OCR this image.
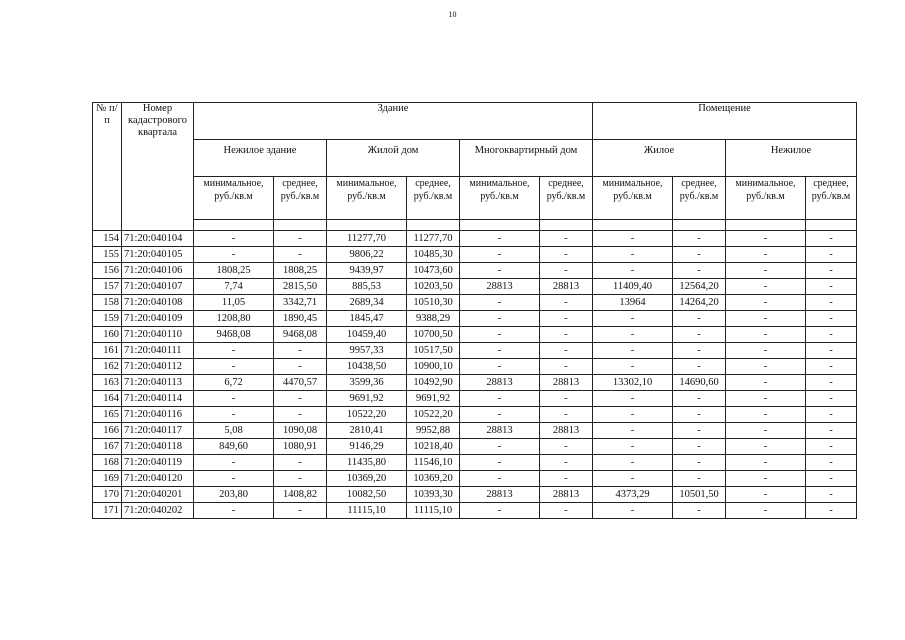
10
№ п/п	Номер кадастрового квартала	Здание						Помещение			
		Нежилое здание		Жилой дом		Многоквартирный дом		Жилое		Нежилое	
		минимальное, руб./кв.м	среднее, руб./кв.м	минимальное, руб./кв.м	среднее, руб./кв.м	минимальное, руб./кв.м	среднее, руб./кв.м	минимальное, руб./кв.м	среднее, руб./кв.м	минимальное, руб./кв.м	среднее, руб./кв.м

154	71:20:040104	-	-	11277,70	11277,70	-	-	-	-	-	-
155	71:20:040105	-	-	9806,22	10485,30	-	-	-	-	-	-
156	71:20:040106	1808,25	1808,25	9439,97	10473,60	-	-	-	-	-	-
157	71:20:040107	7,74	2815,50	885,53	10203,50	28813	28813	11409,40	12564,20	-	-
158	71:20:040108	11,05	3342,71	2689,34	10510,30	-	-	13964	14264,20	-	-
159	71:20:040109	1208,80	1890,45	1845,47	9388,29	-	-	-	-	-	-
160	71:20:040110	9468,08	9468,08	10459,40	10700,50	-	-	-	-	-	-
161	71:20:040111	-	-	9957,33	10517,50	-	-	-	-	-	-
162	71:20:040112	-	-	10438,50	10900,10	-	-	-	-	-	-
163	71:20:040113	6,72	4470,57	3599,36	10492,90	28813	28813	13302,10	14690,60	-	-
164	71:20:040114	-	-	9691,92	9691,92	-	-	-	-	-	-
165	71:20:040116	-	-	10522,20	10522,20	-	-	-	-	-	-
166	71:20:040117	5,08	1090,08	2810,41	9952,88	28813	28813	-	-	-	-
167	71:20:040118	849,60	1080,91	9146,29	10218,40	-	-	-	-	-	-
168	71:20:040119	-	-	11435,80	11546,10	-	-	-	-	-	-
169	71:20:040120	-	-	10369,20	10369,20	-	-	-	-	-	-
170	71:20:040201	203,80	1408,82	10082,50	10393,30	28813	28813	4373,29	10501,50	-	-
171	71:20:040202	-	-	11115,10	11115,10	-	-	-	-	-	-
